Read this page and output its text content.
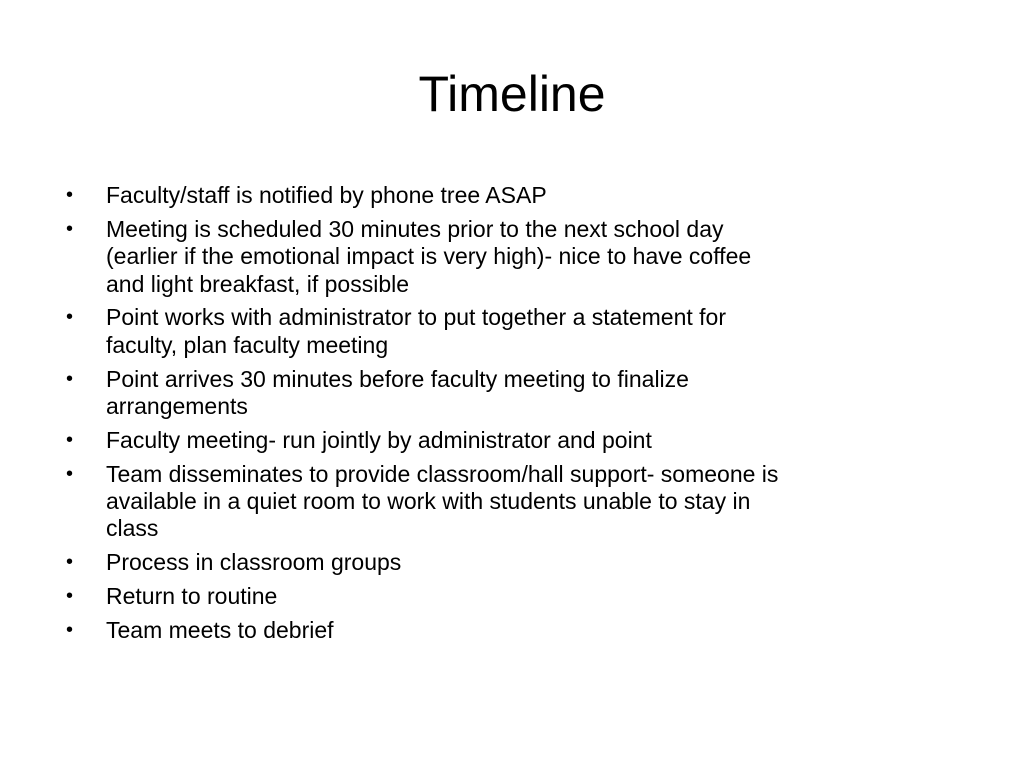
Timeline
•	Faculty/staff is notified by phone tree ASAP
•	Meeting is scheduled 30 minutes prior to the next school day (earlier if the emotional impact is very high)- nice to have coffee and light breakfast, if possible
•	Point works with administrator to put together a statement for faculty, plan faculty meeting
•	Point arrives 30 minutes before faculty meeting to finalize arrangements
•	Faculty meeting- run jointly by administrator and point
•	Team disseminates to provide classroom/hall support- someone is available in a quiet room to work with students unable to stay in class
•	Process in classroom groups
•	Return to routine
•	Team meets to debrief
